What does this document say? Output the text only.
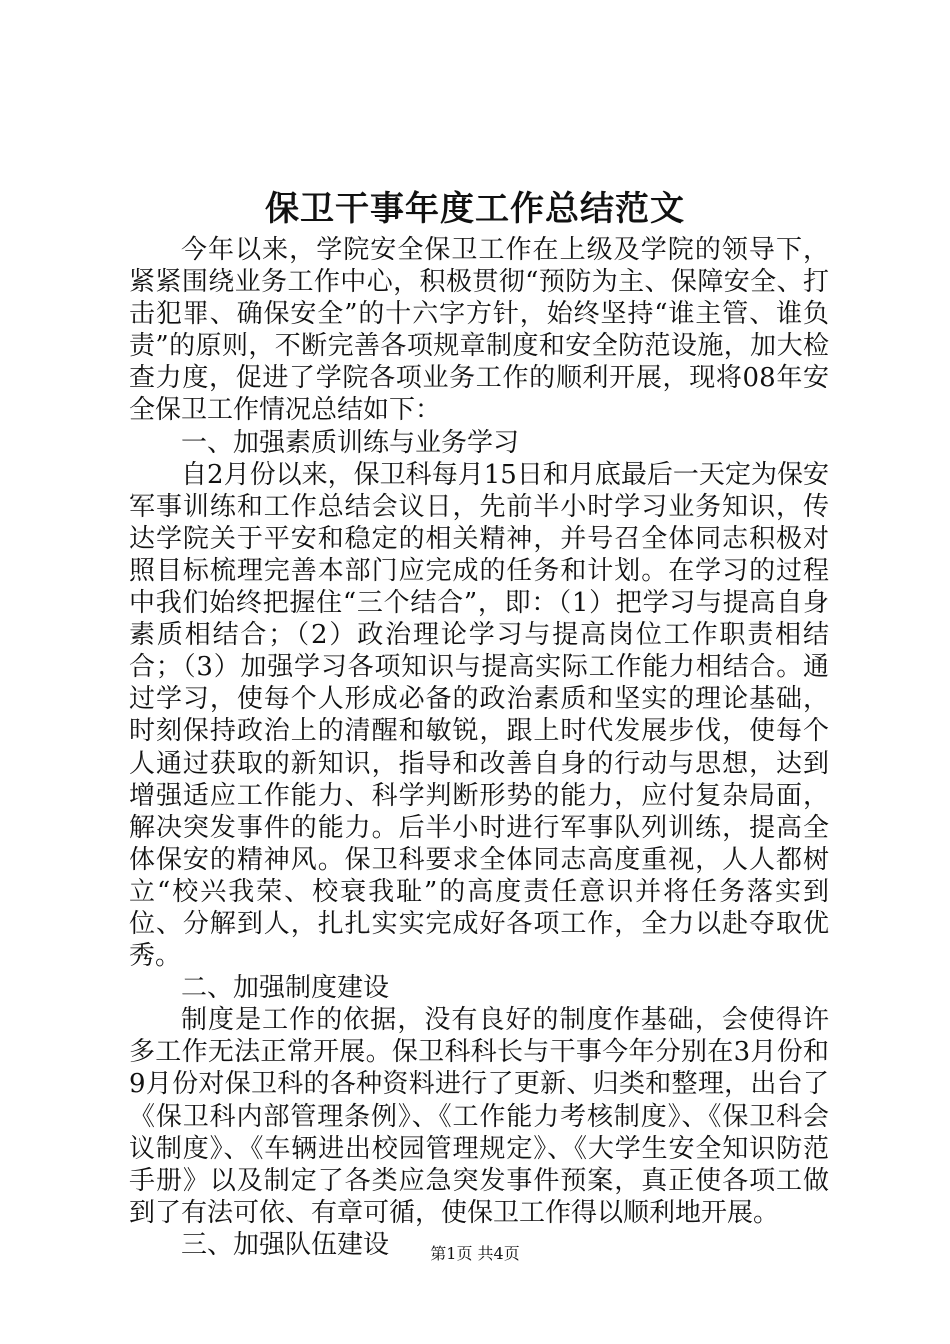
保卫干事年度工作总结范文

今年以来，学院安全保卫工作在上级及学院的领导下，紧紧围绕业务工作中心，积极贯彻“预防为主、保障安全、打击犯罪、确保安全”的十六字方针，始终坚持“谁主管、谁负责”的原则，不断完善各项规章制度和安全防范设施，加大检查力度，促进了学院各项业务工作的顺利开展，现将08年安全保卫工作情况总结如下：

一、加强素质训练与业务学习

自2月份以来，保卫科每月15日和月底最后一天定为保安军事训练和工作总结会议日，先前半小时学习业务知识，传达学院关于平安和稳定的相关精神，并号召全体同志积极对照目标梳理完善本部门应完成的任务和计划。在学习的过程中我们始终把握住“三个结合”，即：（1）把学习与提高自身素质相结合；（2）政治理论学习与提高岗位工作职责相结合；（3）加强学习各项知识与提高实际工作能力相结合。通过学习，使每个人形成必备的政治素质和坚实的理论基础，时刻保持政治上的清醒和敏锐，跟上时代发展步伐，使每个人通过获取的新知识，指导和改善自身的行动与思想，达到增强适应工作能力、科学判断形势的能力，应付复杂局面，解决突发事件的能力。后半小时进行军事队列训练，提高全体保安的精神风。保卫科要求全体同志高度重视，人人都树立“校兴我荣、校衰我耻”的高度责任意识并将任务落实到位、分解到人，扎扎实实完成好各项工作，全力以赴夺取优秀。

二、加强制度建设

制度是工作的依据，没有良好的制度作基础，会使得许多工作无法正常开展。保卫科科长与干事今年分别在3月份和9月份对保卫科的各种资料进行了更新、归类和整理，出台了《保卫科内部管理条例》、《工作能力考核制度》、《保卫科会议制度》、《车辆进出校园管理规定》、《大学生安全知识防范手册》以及制定了各类应急突发事件预案，真正使各项工做到了有法可依、有章可循，使保卫工作得以顺利地开展。

三、加强队伍建设	第1页 共4页
